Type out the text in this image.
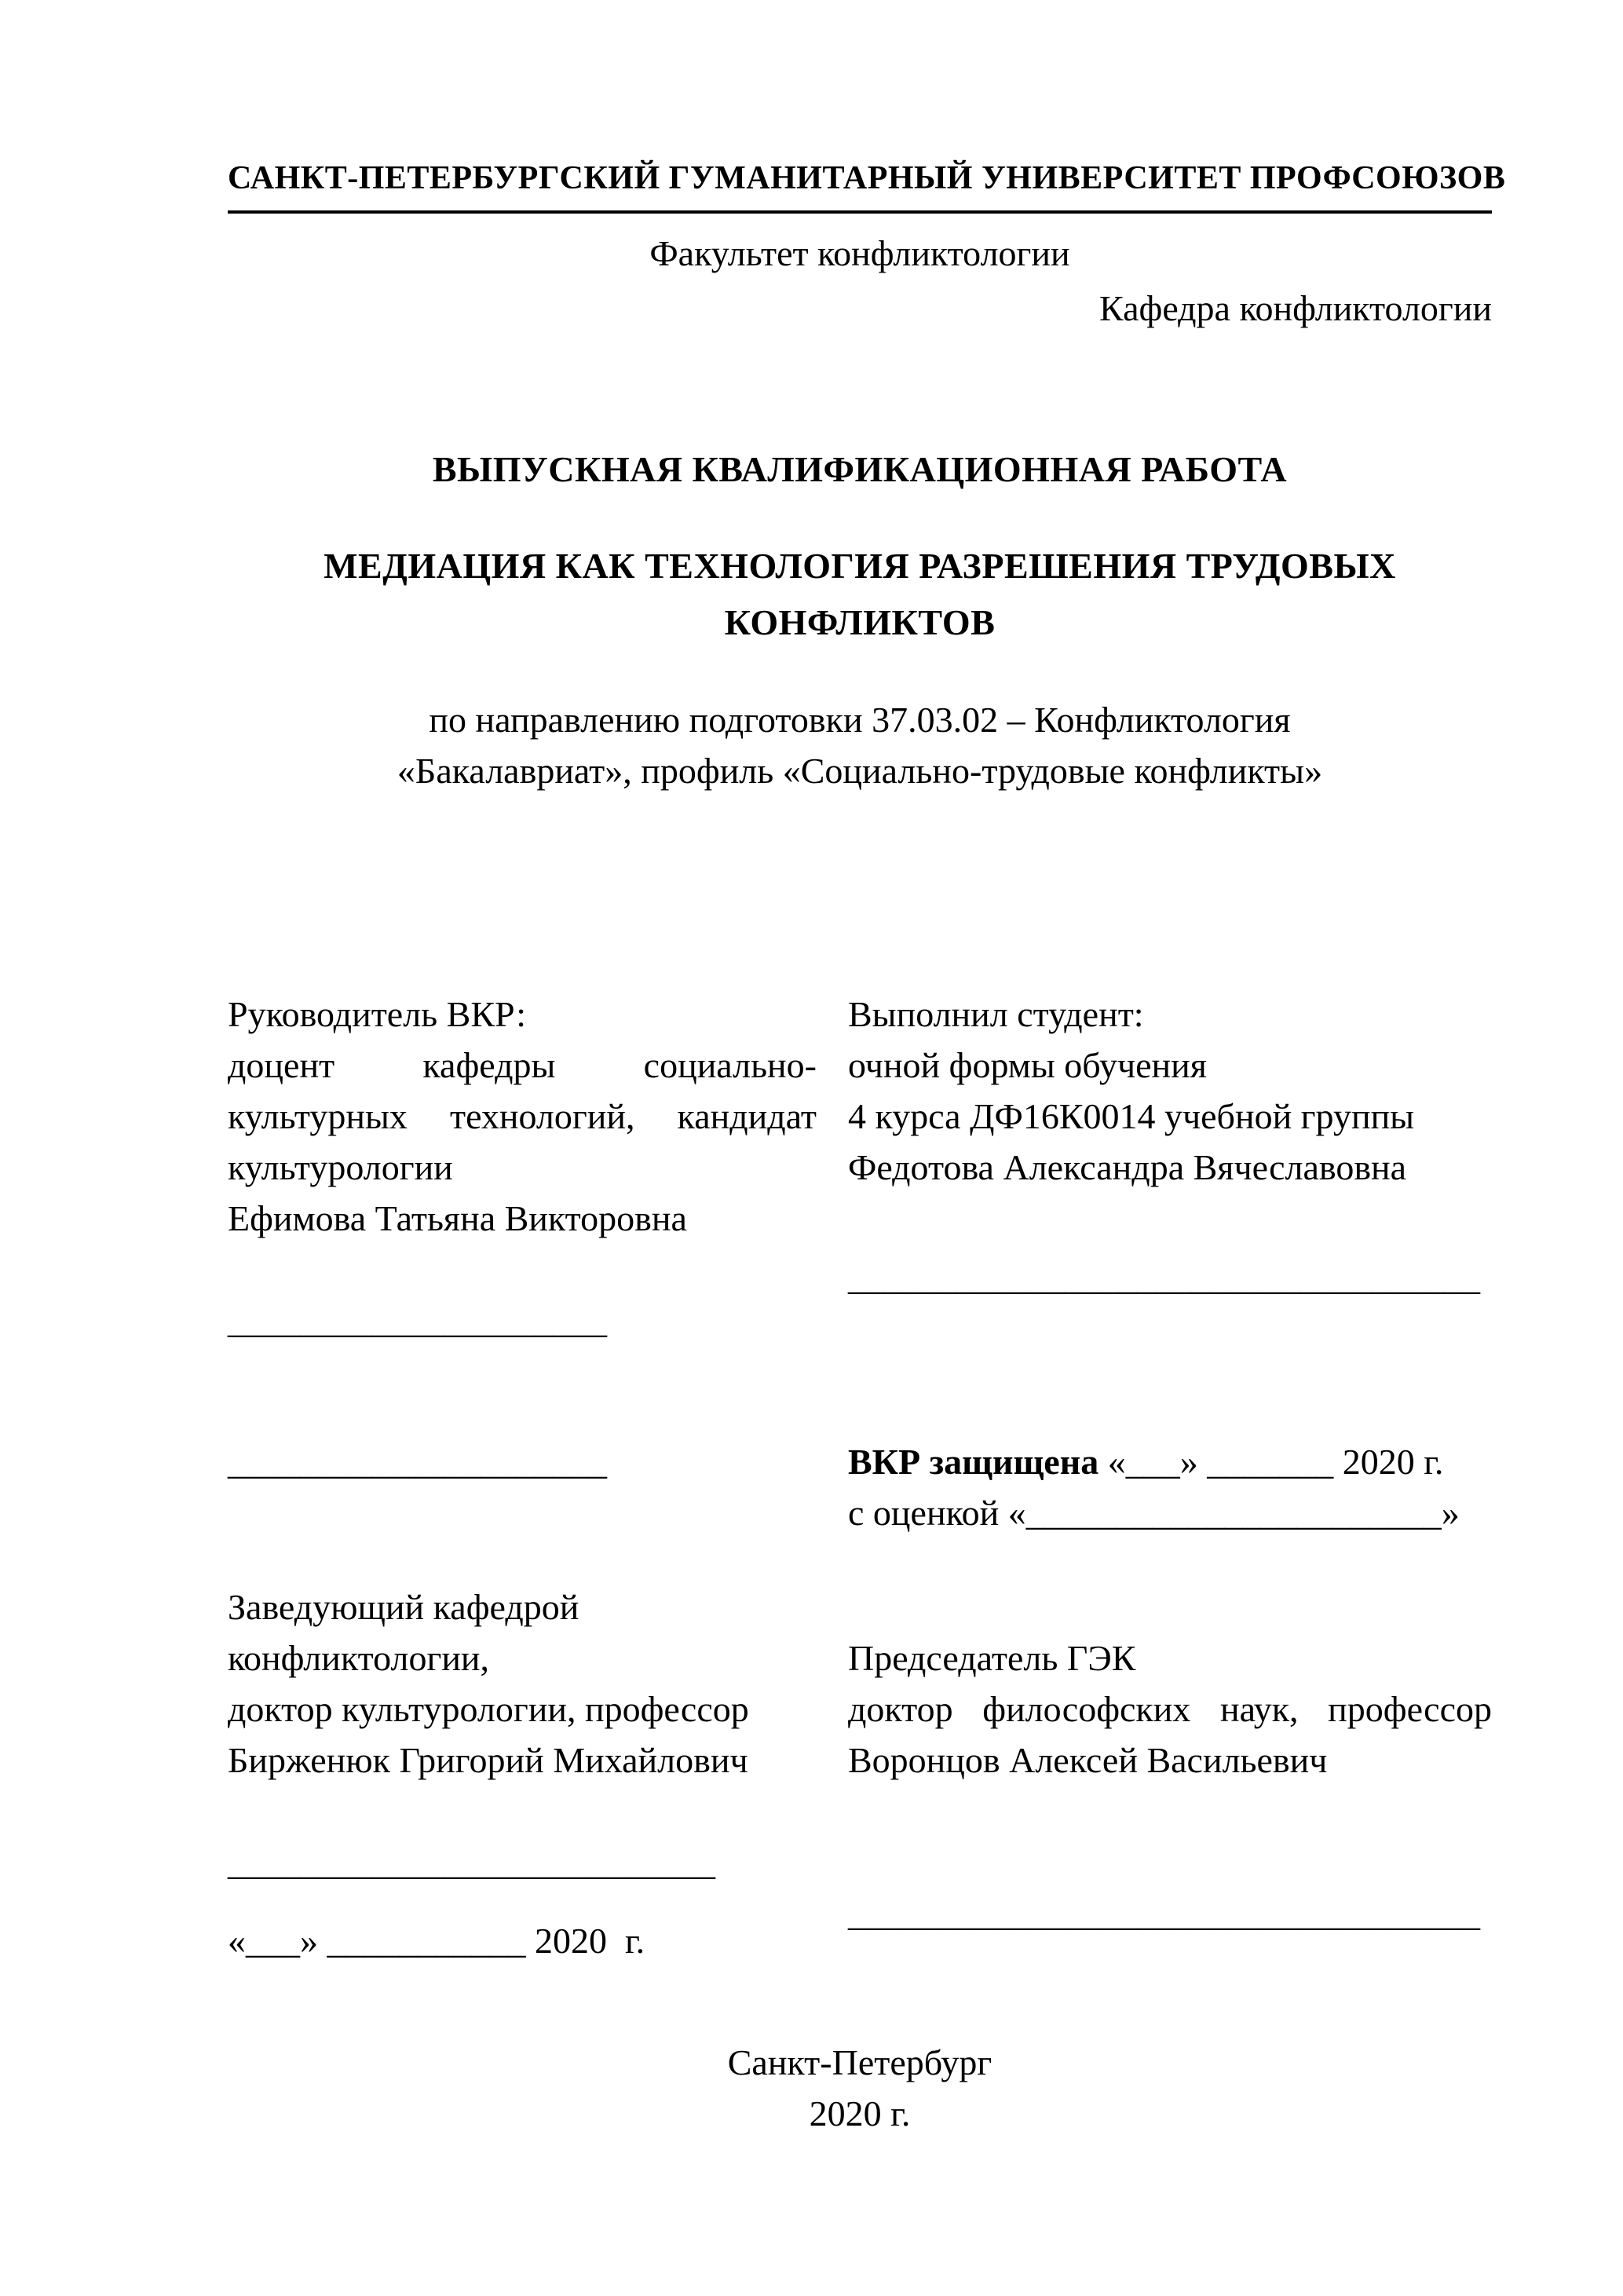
САНКТ-ПЕТЕРБУРГСКИЙ ГУМАНИТАРНЫЙ УНИВЕРСИТЕТ ПРОФСОЮЗОВ
Факультет конфликтологии
Кафедра конфликтологии
ВЫПУСКНАЯ КВАЛИФИКАЦИОННАЯ РАБОТА
МЕДИАЦИЯ КАК ТЕХНОЛОГИЯ РАЗРЕШЕНИЯ ТРУДОВЫХ КОНФЛИКТОВ
по направлению подготовки 37.03.02 – Конфликтология
«Бакалавриат», профиль «Социально-трудовые конфликты»
Руководитель ВКР:
доцент кафедры социально-
культурных технологий, кандидат
культурологии
Ефимова Татьяна Викторовна
_____________________
_____________________
Заведующий кафедрой
конфликтологии,
доктор культурологии, профессор
Бирженюк Григорий Михайлович
___________________________
«___» ___________ 2020  г.
Выполнил студент:
очной формы обучения
4 курса ДФ16К0014 учебной группы
Федотова Александра Вячеславовна
___________________________________
ВКР защищена «___» _______ 2020 г.
с оценкой «_______________________»
Председатель ГЭК
доктор философских наук, профессор
Воронцов Алексей Васильевич
___________________________________
Санкт-Петербург
2020 г.
